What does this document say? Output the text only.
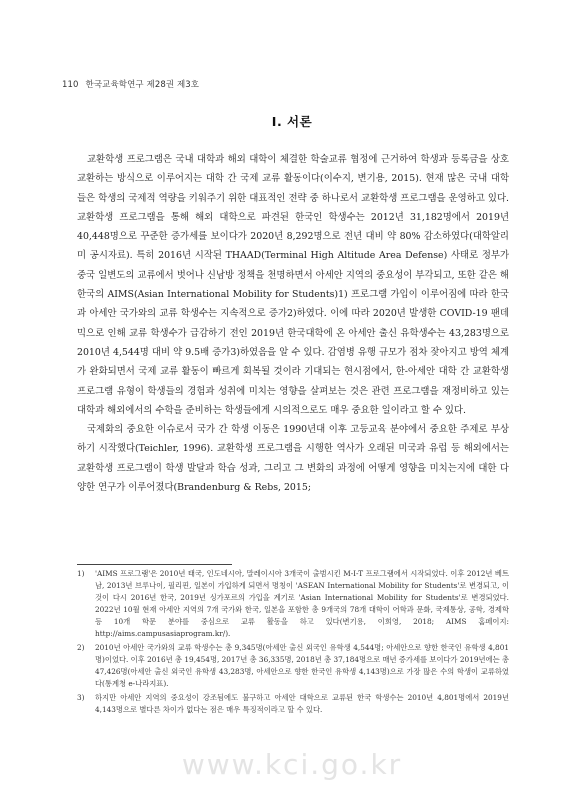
110 한국교육학연구 제28권 제3호
Ⅰ. 서론

교환학생 프로그램은 국내 대학과 해외 대학이 체결한 학술교류 협정에 근거하여 학생과 등록금을 상호 교환하는 방식으로 이루어지는 대학 간 국제 교류 활동이다(이수지, 변기용, 2015). 현재 많은 국내 대학들은 학생의 국제적 역량을 키워주기 위한 대표적인 전략 중 하나로서 교환학생 프로그램을 운영하고 있다. 교환학생 프로그램을 통해 해외 대학으로 파견된 한국인 학생수는 2012년 31,182명에서 2019년 40,448명으로 꾸준한 증가세를 보이다가 2020년 8,292명으로 전년 대비 약 80% 감소하였다(대학알리미 공시자료). 특히 2016년 시작된 THAAD(Terminal High Altitude Area Defense) 사태로 정부가 중국 일변도의 교류에서 벗어나 신남방 정책을 천명하면서 아세안 지역의 중요성이 부각되고, 또한 같은 해 한국의 AIMS(Asian International Mobility for Students)1) 프로그램 가입이 이루어짐에 따라 한국과 아세안 국가와의 교류 학생수는 지속적으로 증가2)하였다. 이에 따라 2020년 발생한 COVID-19 팬데믹으로 인해 교류 학생수가 급감하기 전인 2019년 한국대학에 온 아세안 출신 유학생수는 43,283명으로 2010년 4,544명 대비 약 9.5배 증가3)하였음을 알 수 있다. 감염병 유행 규모가 점차 잦아지고 방역 체계가 완화되면서 국제 교류 활동이 빠르게 회복될 것이라 기대되는 현시점에서, 한-아세안 대학 간 교환학생 프로그램 유형이 학생들의 경험과 성취에 미치는 영향을 살펴보는 것은 관련 프로그램을 재정비하고 있는 대학과 해외에서의 수학을 준비하는 학생들에게 시의적으로도 매우 중요한 일이라고 할 수 있다.

국제화의 중요한 이슈로서 국가 간 학생 이동은 1990년대 이후 고등교육 분야에서 중요한 주제로 부상하기 시작했다(Teichler, 1996). 교환학생 프로그램을 시행한 역사가 오래된 미국과 유럽 등 해외에서는 교환학생 프로그램이 학생 발달과 학습 성과, 그리고 그 변화의 과정에 어떻게 영향을 미치는지에 대한 다양한 연구가 이루어졌다(Brandenburg & Rebs, 2015;

1) 'AIMS 프로그램'은 2010년 태국, 인도네시아, 말레이시아 3개국이 출범시킨 M-I-T 프로그램에서 시작되었다. 이후 2012년 베트남, 2013년 브루나이, 필리핀, 일본이 가입하게 되면서 명칭이 'ASEAN International Mobility for Students'로 변경되고, 이것이 다시 2016년 한국, 2019년 싱가포르의 가입을 계기로 'Asian International Mobility for Students'로 변경되었다. 2022년 10월 현재 아세안 지역의 7개 국가와 한국, 일본을 포함한 총 9개국의 78개 대학이 어학과 문화, 국제통상, 공학, 경제학 등 10개 학문 분야를 중심으로 교류 활동을 하고 있다(변기용, 이희영, 2018; AIMS 홈페이지: http://aims.campusasiaprogram.kr/).
2) 2010년 아세안 국가와의 교류 학생수는 총 9,345명(아세안 출신 외국인 유학생 4,544명; 아세안으로 향한 한국인 유학생 4,801명)이었다. 이후 2016년 총 19,454명, 2017년 총 36,335명, 2018년 총 37,184명으로 매년 증가세를 보이다가 2019년에는 총 47,426명(아세안 출신 외국인 유학생 43,283명, 아세안으로 향한 한국인 유학생 4,143명)으로 가장 많은 수의 학생이 교류하였다(통계청 e-나라지표).
3) 하지만 아세안 지역의 중요성이 강조됨에도 불구하고 아세안 대학으로 교류된 한국 학생수는 2010년 4,801명에서 2019년 4,143명으로 별다른 차이가 없다는 점은 매우 특징적이라고 할 수 있다.
www.kci.go.kr
